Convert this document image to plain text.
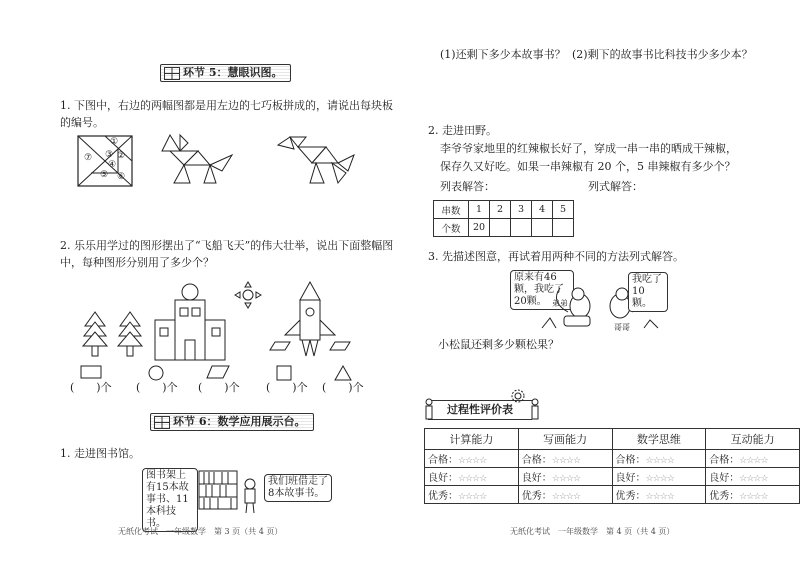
环节 5：慧眼识图。
1. 下图中，右边的两幅图都是用左边的七巧板拼成的，请说出每块板的编号。
①
②
③
④
⑤ ⑥
⑦
2. 乐乐用学过的图形摆出了“飞船飞天”的伟大壮举，说出下面整幅图中，每种图形分别用了多少个？
(   )个 (   )个 (   )个 (   )个 (   )个
环节 6：数学应用展示台。
1. 走进图书馆。
图书架上有15本故事书、11本科技书。
我们班借走了8本故事书。
无纸化考试　一年级数学　第 3 页（共 4 页）
(1)还剩下多少本故事书？ (2)剩下的故事书比科技书少多少本？
2. 走进田野。
李爷爷家地里的红辣椒长好了，穿成一串一串的晒成干辣椒，
保存久又好吃。如果一串辣椒有 20 个，5 串辣椒有多少个？
列表解答：	列式解答：
串数	1	2	3	4	5
个数	20				
3. 先描述图意，再试着用两种不同的方法列式解答。
原来有46颗，我吃了20颗。
我吃了10颗。
弟弟
哥哥
小松鼠还剩多少颗松果？
过程性评价表
计算能力	写画能力	数学思维	互动能力
合格：☆☆☆☆	合格：☆☆☆☆	合格：☆☆☆☆	合格：☆☆☆☆
良好：☆☆☆☆	良好：☆☆☆☆	良好：☆☆☆☆	良好：☆☆☆☆
优秀：☆☆☆☆	优秀：☆☆☆☆	优秀：☆☆☆☆	优秀：☆☆☆☆
无纸化考试　一年级数学　第 4 页（共 4 页）
